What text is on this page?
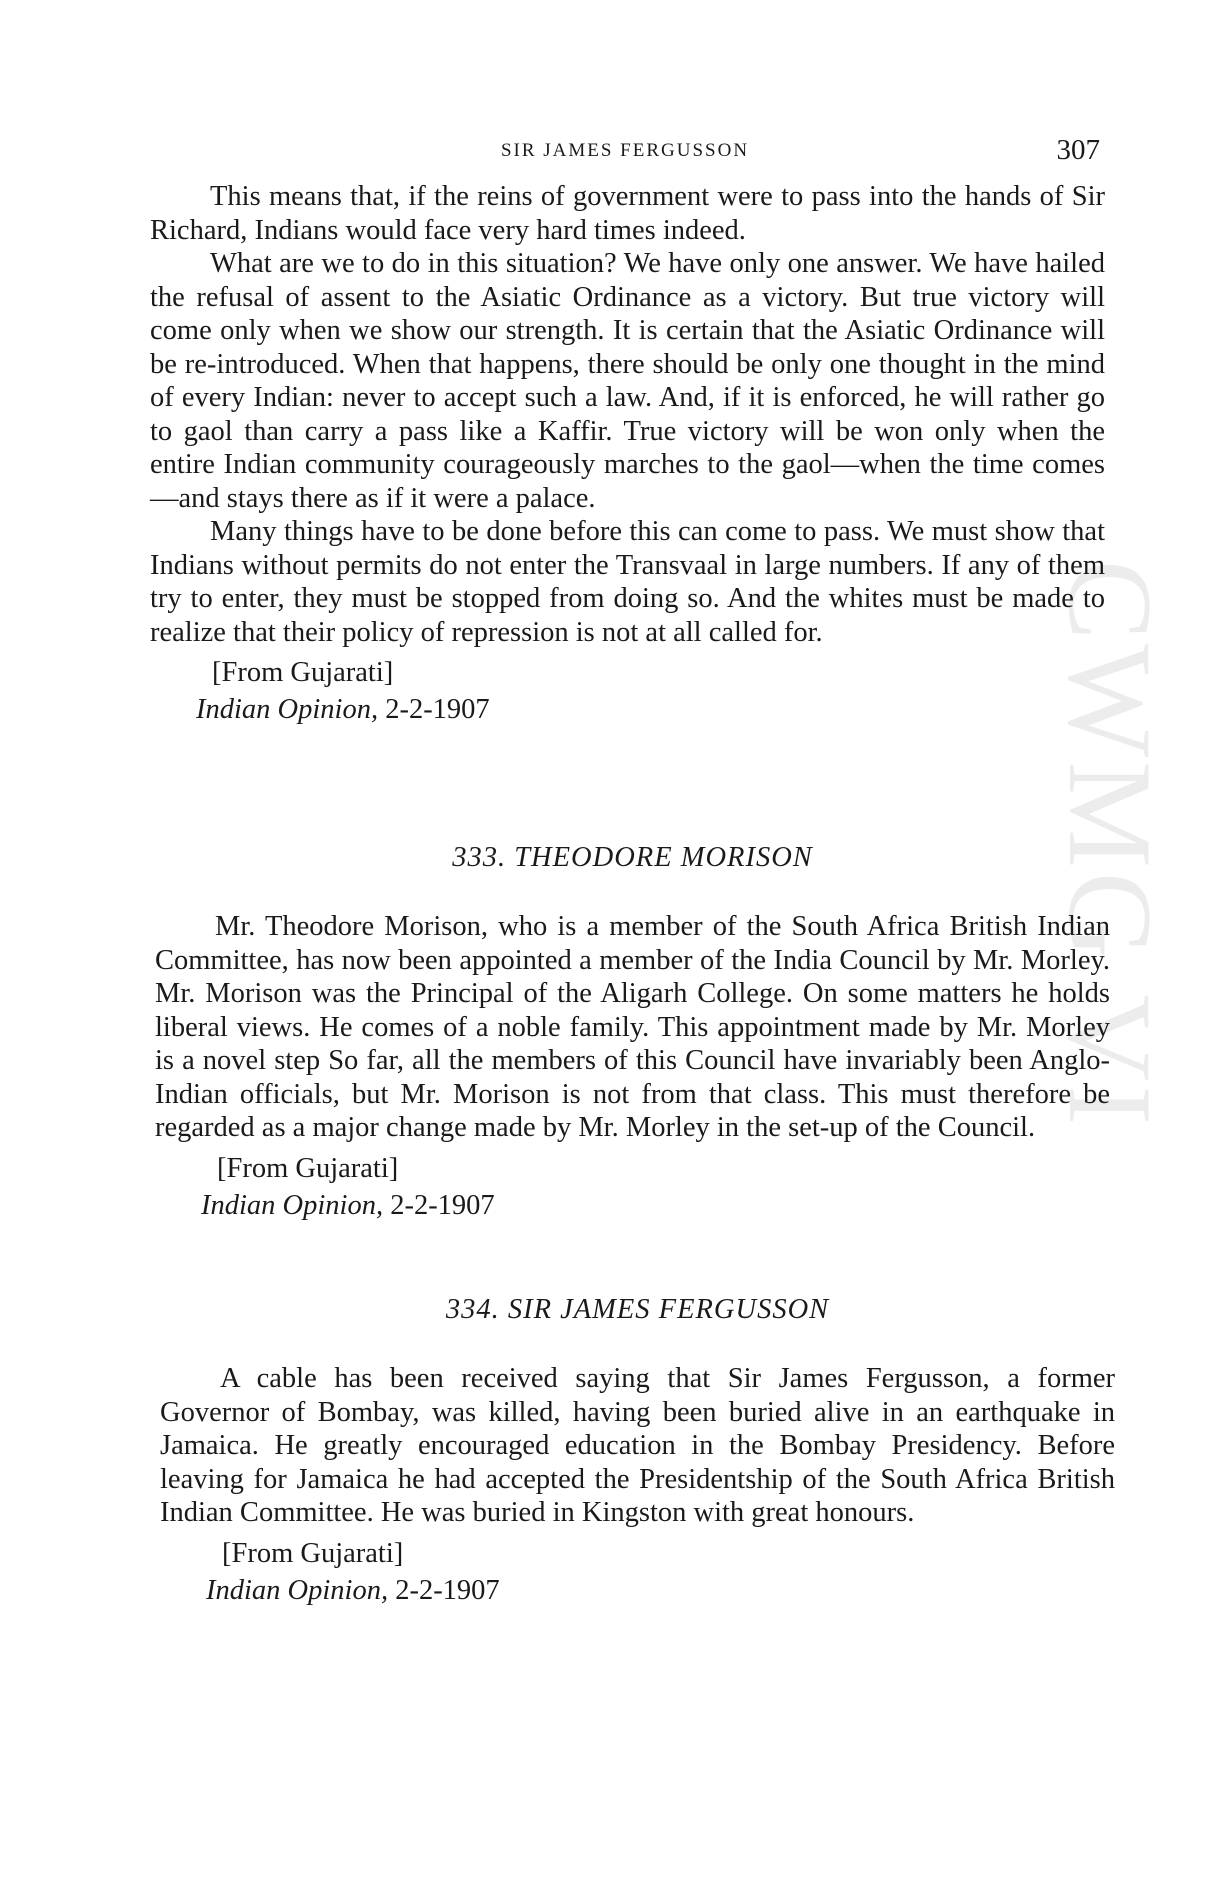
CWMG VI
SIR JAMES FERGUSSON	307

This means that, if the reins of government were to pass into the hands of Sir Richard, Indians would face very hard times indeed.

What are we to do in this situation? We have only one answer. We have hailed the refusal of assent to the Asiatic Ordinance as a victory. But true victory will come only when we show our strength. It is certain that the Asiatic Ordinance will be re-introduced. When that happens, there should be only one thought in the mind of every Indian: never to accept such a law. And, if it is enforced, he will rather go to gaol than carry a pass like a Kaffir. True victory will be won only when the entire Indian community courageously marches to the gaol—when the time comes—and stays there as if it were a palace.

Many things have to be done before this can come to pass. We must show that Indians without permits do not enter the Transvaal in large numbers. If any of them try to enter, they must be stopped from doing so. And the whites must be made to realize that their policy of repression is not at all called for.

[From Gujarati]

Indian Opinion, 2-2-1907

333. THEODORE MORISON

Mr. Theodore Morison, who is a member of the South Africa British Indian Committee, has now been appointed a member of the India Council by Mr. Morley. Mr. Morison was the Principal of the Aligarh College. On some matters he holds liberal views. He comes of a noble family. This appointment made by Mr. Morley is a novel step So far, all the members of this Council have invariably been Anglo-Indian officials, but Mr. Morison is not from that class. This must therefore be regarded as a major change made by Mr. Morley in the set-up of the Council.

[From Gujarati]

Indian Opinion, 2-2-1907

334. SIR JAMES FERGUSSON

A cable has been received saying that Sir James Fergusson, a former Governor of Bombay, was killed, having been buried alive in an earthquake in Jamaica. He greatly encouraged education in the Bombay Presidency. Before leaving for Jamaica he had accepted the Presidentship of the South Africa British Indian Committee. He was buried in Kingston with great honours.

[From Gujarati]

Indian Opinion, 2-2-1907
